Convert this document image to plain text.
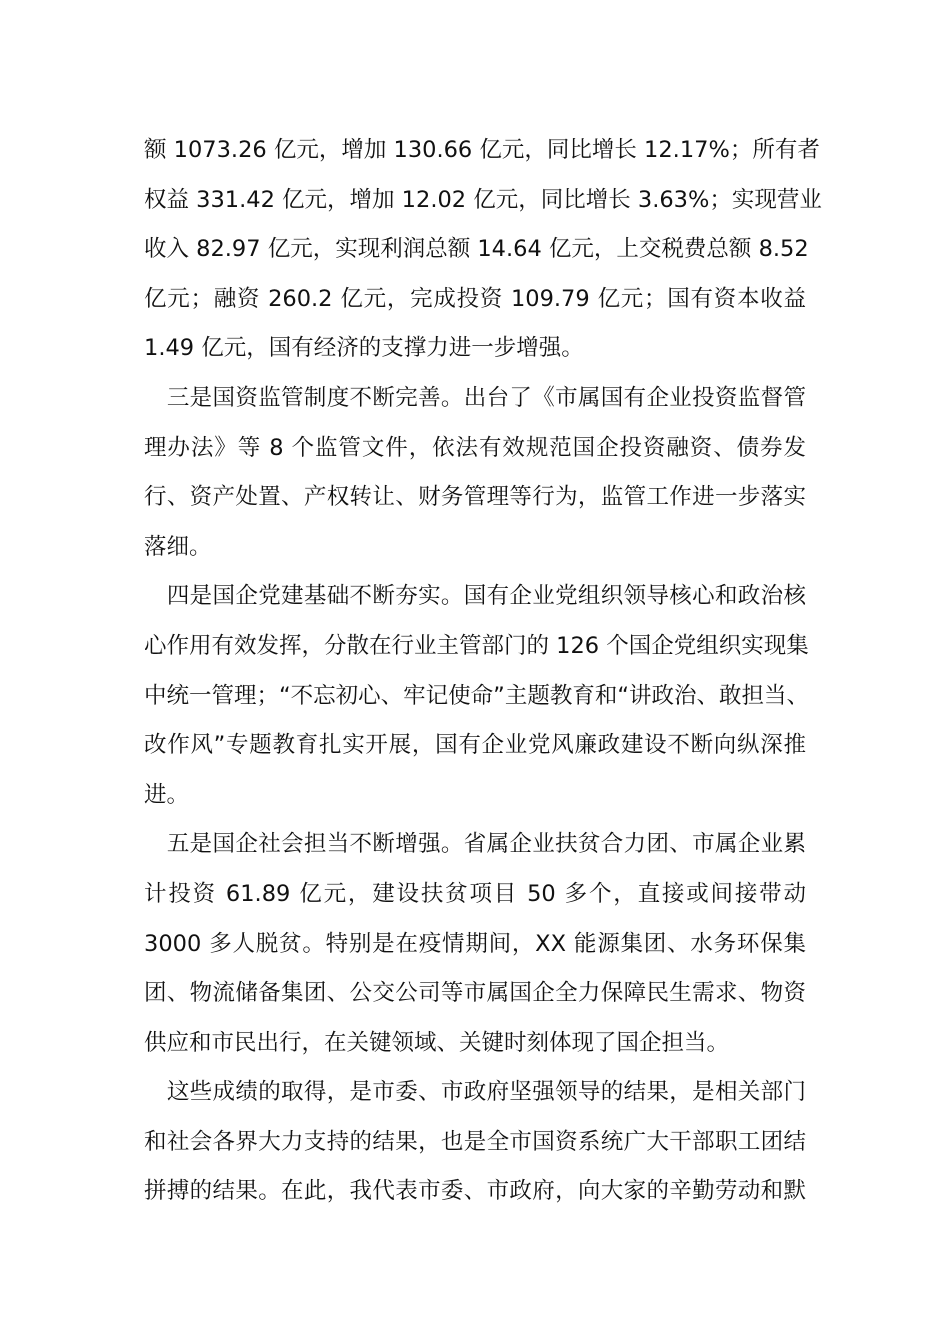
额 1073.26 亿元，增加 130.66 亿元，同比增长 12.17%；所有者
权益 331.42 亿元，增加 12.02 亿元，同比增长 3.63%；实现营业
收入 82.97 亿元，实现利润总额 14.64 亿元，上交税费总额 8.52
亿元；融资 260.2 亿元，完成投资 109.79 亿元；国有资本收益
1.49 亿元，国有经济的支撑力进一步增强。
　三是国资监管制度不断完善。出台了《市属国有企业投资监督管
理办法》等 8 个监管文件，依法有效规范国企投资融资、债券发
行、资产处置、产权转让、财务管理等行为，监管工作进一步落实
落细。
　四是国企党建基础不断夯实。国有企业党组织领导核心和政治核
心作用有效发挥，分散在行业主管部门的 126 个国企党组织实现集
中统一管理；“不忘初心、牢记使命”主题教育和“讲政治、敢担当、
改作风”专题教育扎实开展，国有企业党风廉政建设不断向纵深推
进。
　五是国企社会担当不断增强。省属企业扶贫合力团、市属企业累
计投资 61.89 亿元，建设扶贫项目 50 多个，直接或间接带动
3000 多人脱贫。特别是在疫情期间，XX 能源集团、水务环保集
团、物流储备集团、公交公司等市属国企全力保障民生需求、物资
供应和市民出行，在关键领域、关键时刻体现了国企担当。
　这些成绩的取得，是市委、市政府坚强领导的结果，是相关部门
和社会各界大力支持的结果，也是全市国资系统广大干部职工团结
拼搏的结果。在此，我代表市委、市政府，向大家的辛勤劳动和默
